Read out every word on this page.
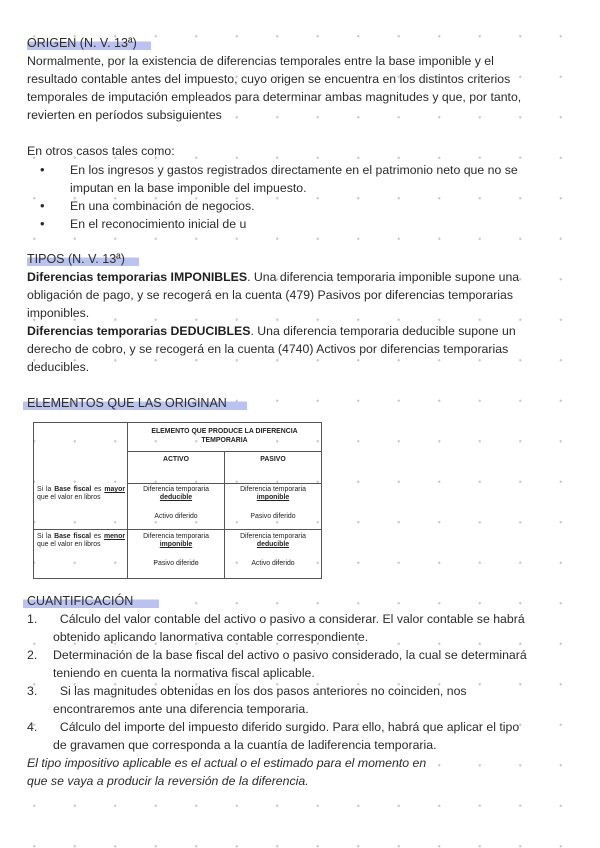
ORIGEN (N. V. 13ª)

Normalmente, por la existencia de diferencias temporales entre la base imponible y el

resultado contable antes del impuesto, cuyo origen se encuentra en los distintos criterios

temporales de imputación empleados para determinar ambas magnitudes y que, por tanto,

revierten en períodos subsiguientes

En otros casos tales como:
• En los ingresos y gastos registrados directamente en el patrimonio neto que no se
imputan en la base imponible del impuesto.
• En una combinación de negocios.
• En el reconocimiento inicial de u
TIPOS (N. V. 13ª)

Diferencias temporarias IMPONIBLES. Una diferencia temporaria imponible supone una

obligación de pago, y se recogerá en la cuenta (479) Pasivos por diferencias temporarias

imponibles.

Diferencias temporarias DEDUCIBLES. Una diferencia temporaria deducible supone un

derecho de cobro, y se recogerá en la cuenta (4740) Activos por diferencias temporarias

deducibles.

ELEMENTOS QUE LAS ORIGINAN
ELEMENTO QUE PRODUCE LA DIFERENCIA TEMPORARIA
ACTIVO	PASIVO
Si la Base fiscal es mayor que el valor en libros
Diferencia temporaria
deducible
Activo diferido
Diferencia temporaria
imponible
Pasivo diferido
Si la Base fiscal es menor que el valor en libros
Diferencia temporaria
imponible
Pasivo diferido
Diferencia temporaria
deducible
Activo diferido
CUANTIFICACIÓN
1. Cálculo del valor contable del activo o pasivo a considerar. El valor contable se habrá
obtenido aplicando lanormativa contable correspondiente.
2. Determinación de la base fiscal del activo o pasivo considerado, la cual se determinará
teniendo en cuenta la normativa fiscal aplicable.
3. Si las magnitudes obtenidas en los dos pasos anteriores no coinciden, nos
encontraremos ante una diferencia temporaria.
4. Cálculo del importe del impuesto diferido surgido. Para ello, habrá que aplicar el tipo
de gravamen que corresponda a la cuantía de ladiferencia temporaria.

El tipo impositivo aplicable es el actual o el estimado para el momento en

que se vaya a producir la reversión de la diferencia.
